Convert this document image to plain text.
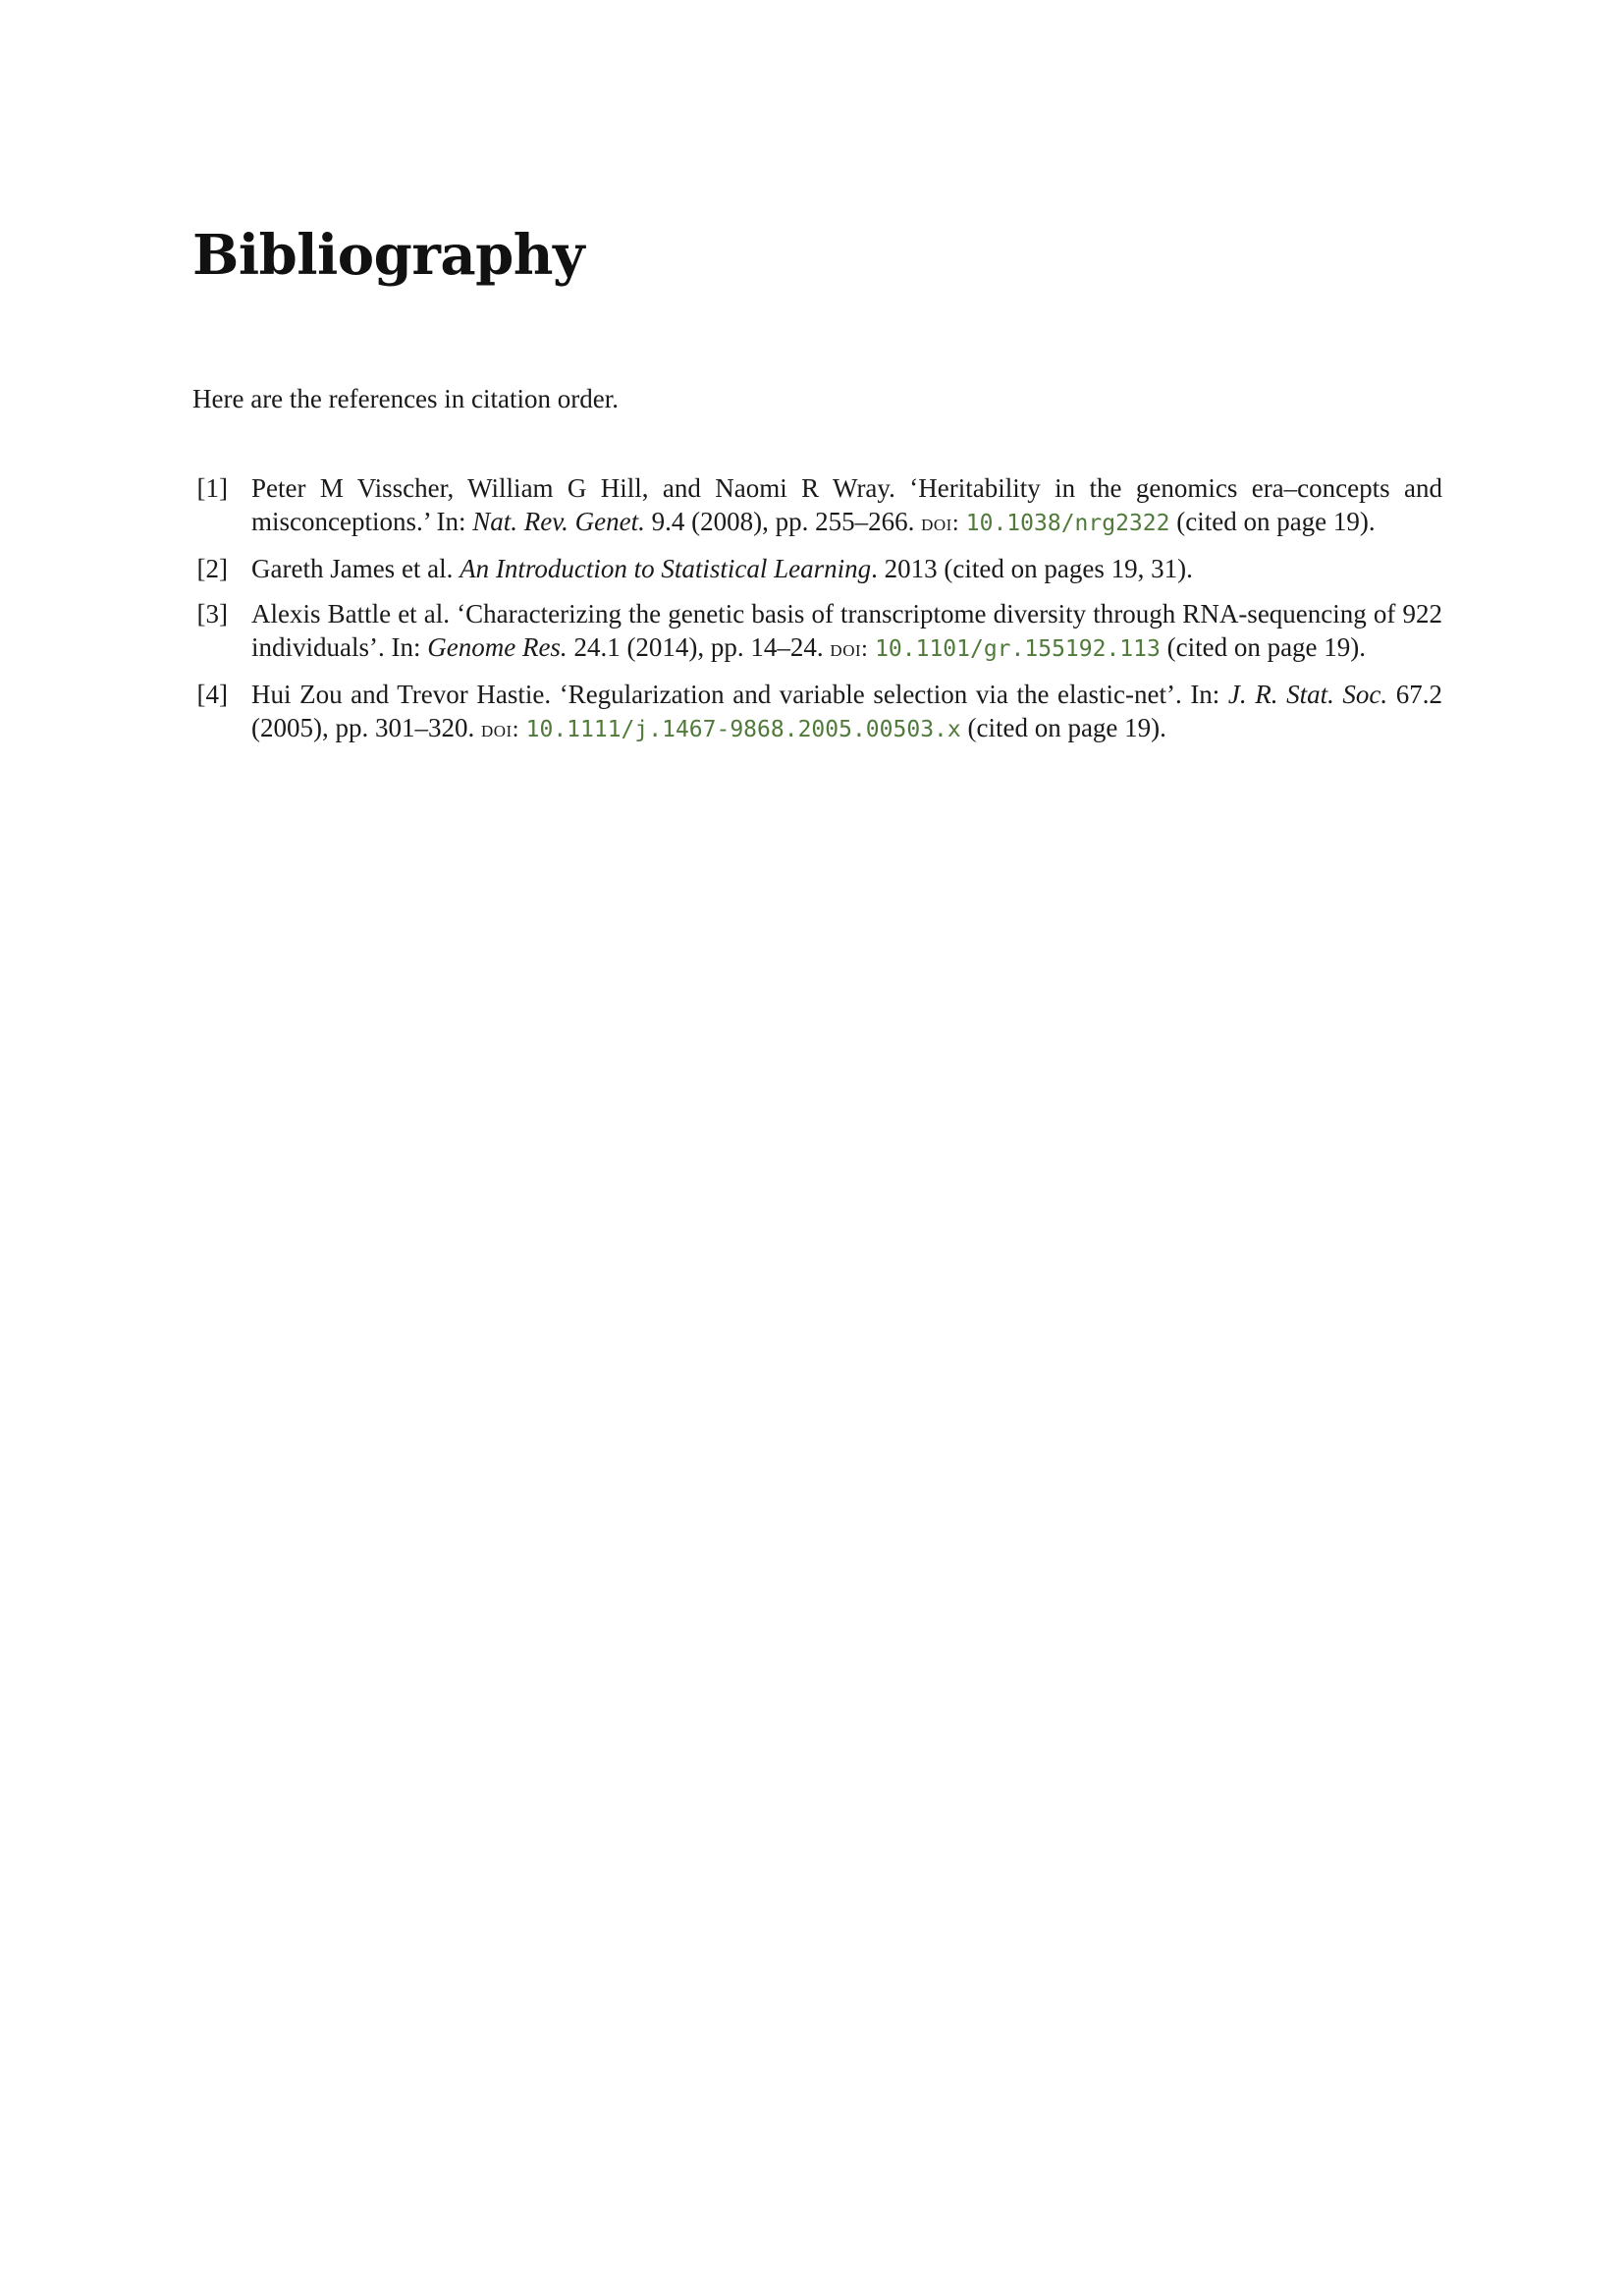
Bibliography

Here are the references in citation order.

[1] Peter M Visscher, William G Hill, and Naomi R Wray. ‘Heritability in the genomics era–concepts and misconceptions.’ In: Nat. Rev. Genet. 9.4 (2008), pp. 255–266. doi: 10.1038/nrg2322 (cited on page 19).
[2] Gareth James et al. An Introduction to Statistical Learning. 2013 (cited on pages 19, 31).
[3] Alexis Battle et al. ‘Characterizing the genetic basis of transcriptome diversity through RNA-sequencing of 922 individuals’. In: Genome Res. 24.1 (2014), pp. 14–24. doi: 10.1101/gr.155192.113 (cited on page 19).
[4] Hui Zou and Trevor Hastie. ‘Regularization and variable selection via the elastic-net’. In: J. R. Stat. Soc. 67.2 (2005), pp. 301–320. doi: 10.1111/j.1467-9868.2005.00503.x (cited on page 19).
